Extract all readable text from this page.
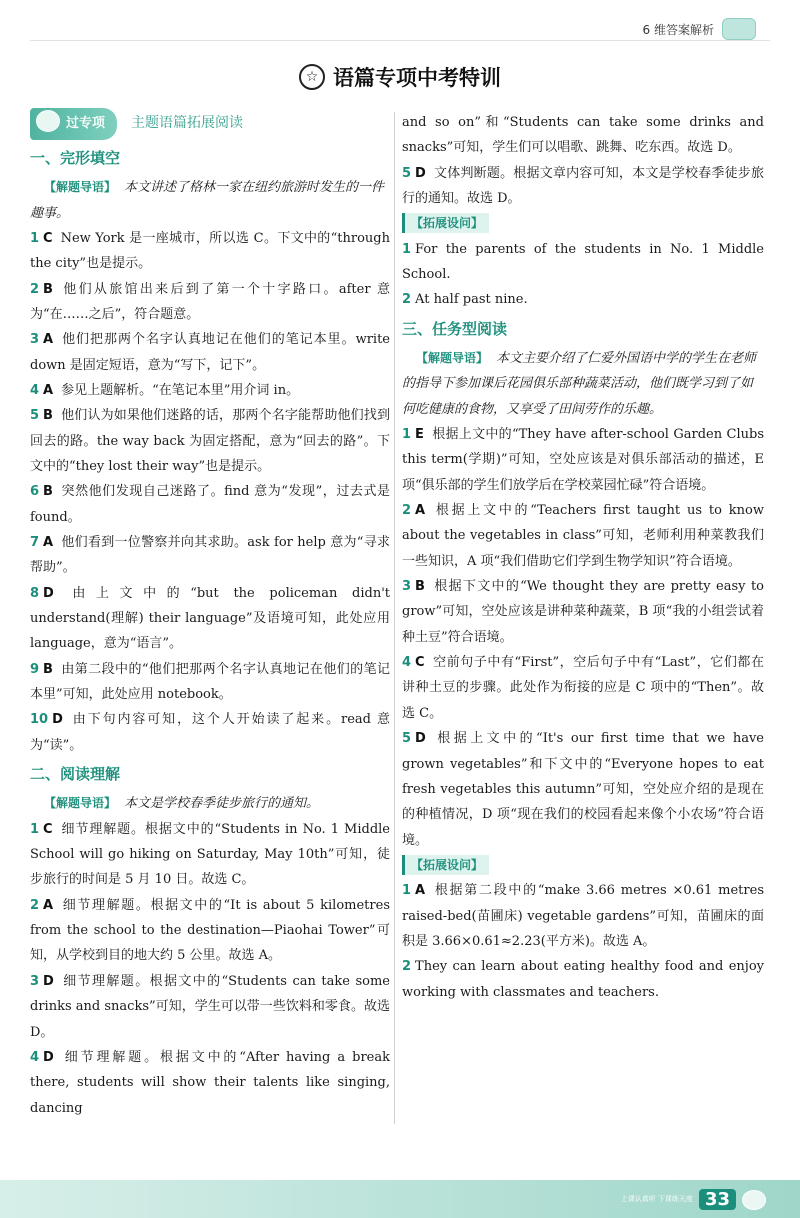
6 维答案解析
☆ 语篇专项中考特训
过专项	主题语篇拓展阅读
一、完形填空
【解题导语】 本文讲述了格林一家在纽约旅游时发生的一件趣事。
1 C New York 是一座城市，所以选 C。下文中的“through the city”也是提示。
2 B 他们从旅馆出来后到了第一个十字路口。after 意为“在……之后”，符合题意。
3 A 他们把那两个名字认真地记在他们的笔记本里。write down 是固定短语，意为“写下，记下”。
4 A 参见上题解析。“在笔记本里”用介词 in。
5 B 他们认为如果他们迷路的话，那两个名字能帮助他们找到回去的路。the way back 为固定搭配，意为“回去的路”。下文中的“they lost their way”也是提示。
6 B 突然他们发现自己迷路了。find 意为“发现”，过去式是 found。
7 A 他们看到一位警察并向其求助。ask for help 意为“寻求帮助”。
8 D 由上文中的“but the policeman didn't understand(理解) their language”及语境可知，此处应用 language，意为“语言”。
9 B 由第二段中的“他们把那两个名字认真地记在他们的笔记本里”可知，此处应用 notebook。
10 D 由下句内容可知，这个人开始读了起来。read 意为“读”。
二、阅读理解
【解题导语】 本文是学校春季徒步旅行的通知。
1 C 细节理解题。根据文中的“Students in No. 1 Middle School will go hiking on Saturday, May 10th”可知，徒步旅行的时间是 5 月 10 日。故选 C。
2 A 细节理解题。根据文中的“It is about 5 kilometres from the school to the destination—Piaohai Tower”可知，从学校到目的地大约 5 公里。故选 A。
3 D 细节理解题。根据文中的“Students can take some drinks and snacks”可知，学生可以带一些饮料和零食。故选 D。
4 D 细节理解题。根据文中的“After having a break there, students will show their talents like singing, dancing
and so on”和“Students can take some drinks and snacks”可知，学生们可以唱歌、跳舞、吃东西。故选 D。
5 D 文体判断题。根据文章内容可知，本文是学校春季徒步旅行的通知。故选 D。
【拓展设问】
1 For the parents of the students in No. 1 Middle School.
2 At half past nine.
三、任务型阅读
【解题导语】 本文主要介绍了仁爱外国语中学的学生在老师的指导下参加课后花园俱乐部种蔬菜活动，他们既学习到了如何吃健康的食物，又享受了田间劳作的乐趣。
1 E 根据上文中的“They have after-school Garden Clubs this term(学期)”可知，空处应该是对俱乐部活动的描述，E 项“俱乐部的学生们放学后在学校菜园忙碌”符合语境。
2 A 根据上文中的“Teachers first taught us to know about the vegetables in class”可知，老师利用种菜教我们一些知识，A 项“我们借助它们学到生物学知识”符合语境。
3 B 根据下文中的“We thought they are pretty easy to grow”可知，空处应该是讲种菜种蔬菜，B 项“我的小组尝试着种土豆”符合语境。
4 C 空前句子中有“First”，空后句子中有“Last”，它们都在讲种土豆的步骤。此处作为衔接的应是 C 项中的“Then”。故选 C。
5 D 根据上文中的“It's our first time that we have grown vegetables”和下文中的“Everyone hopes to eat fresh vegetables this autumn”可知，空处应介绍的是现在的种植情况，D 项“现在我们的校园看起来像个小农场”符合语境。
【拓展设问】
1 A 根据第二段中的“make 3.66 metres ×0.61 metres raised-bed(苗圃床) vegetable gardens”可知，苗圃床的面积是 3.66×0.61≈2.23(平方米)。故选 A。
2 They can learn about eating healthy food and enjoy working with classmates and teachers.
上课认真听 下课练天度 33
